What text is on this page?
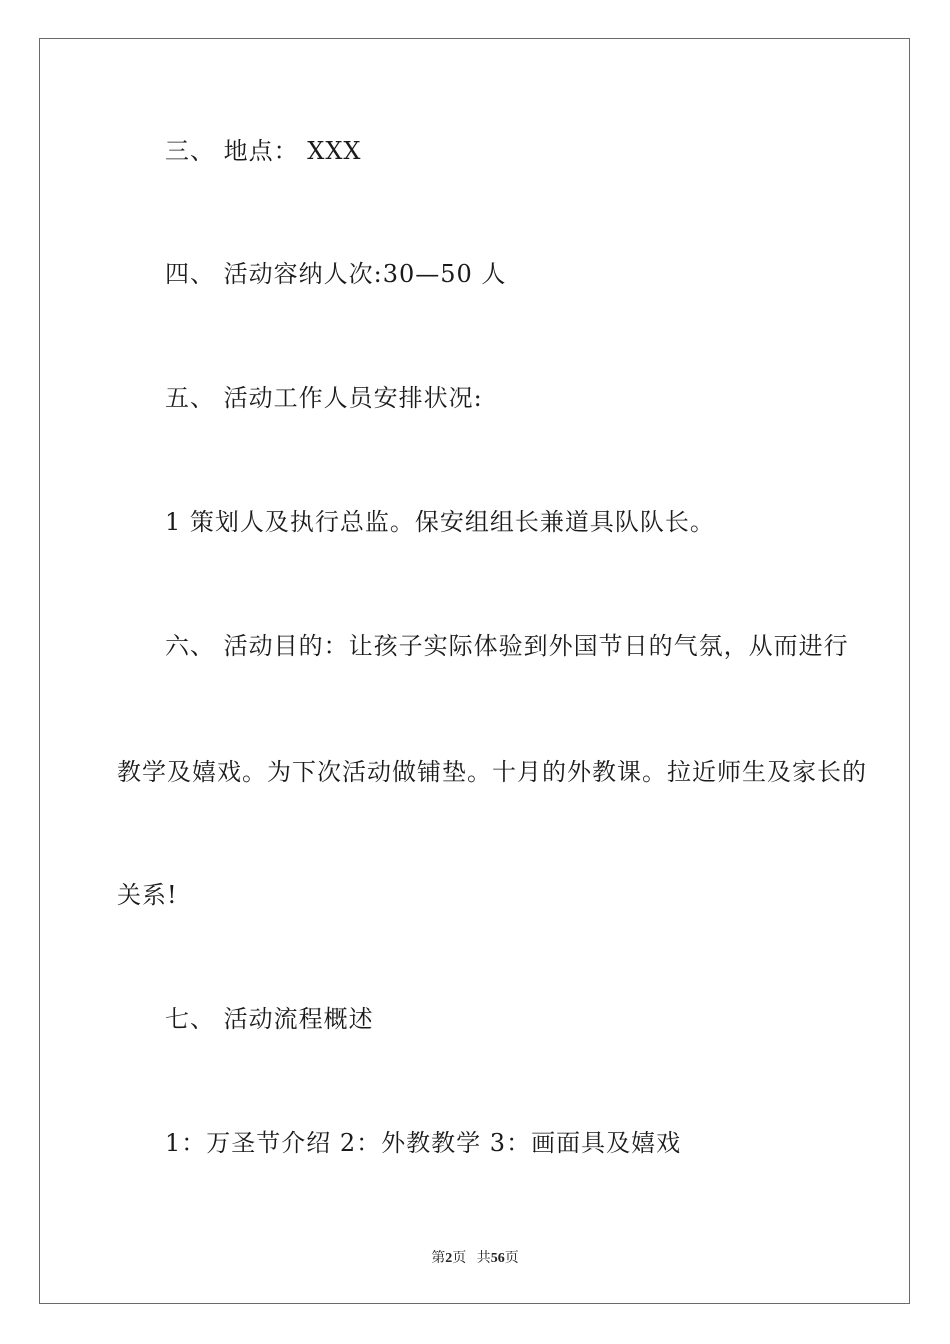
三、 地点： XXX
四、 活动容纳人次:30—50 人
五、 活动工作人员安排状况:
1 策划人及执行总监。保安组组长兼道具队队长。
六、 活动目的：让孩子实际体验到外国节日的气氛，从而进行
教学及嬉戏。为下次活动做铺垫。十月的外教课。拉近师生及家长的
关系!
七、 活动流程概述
1：万圣节介绍 2：外教教学 3：画面具及嬉戏
第2页 共56页
